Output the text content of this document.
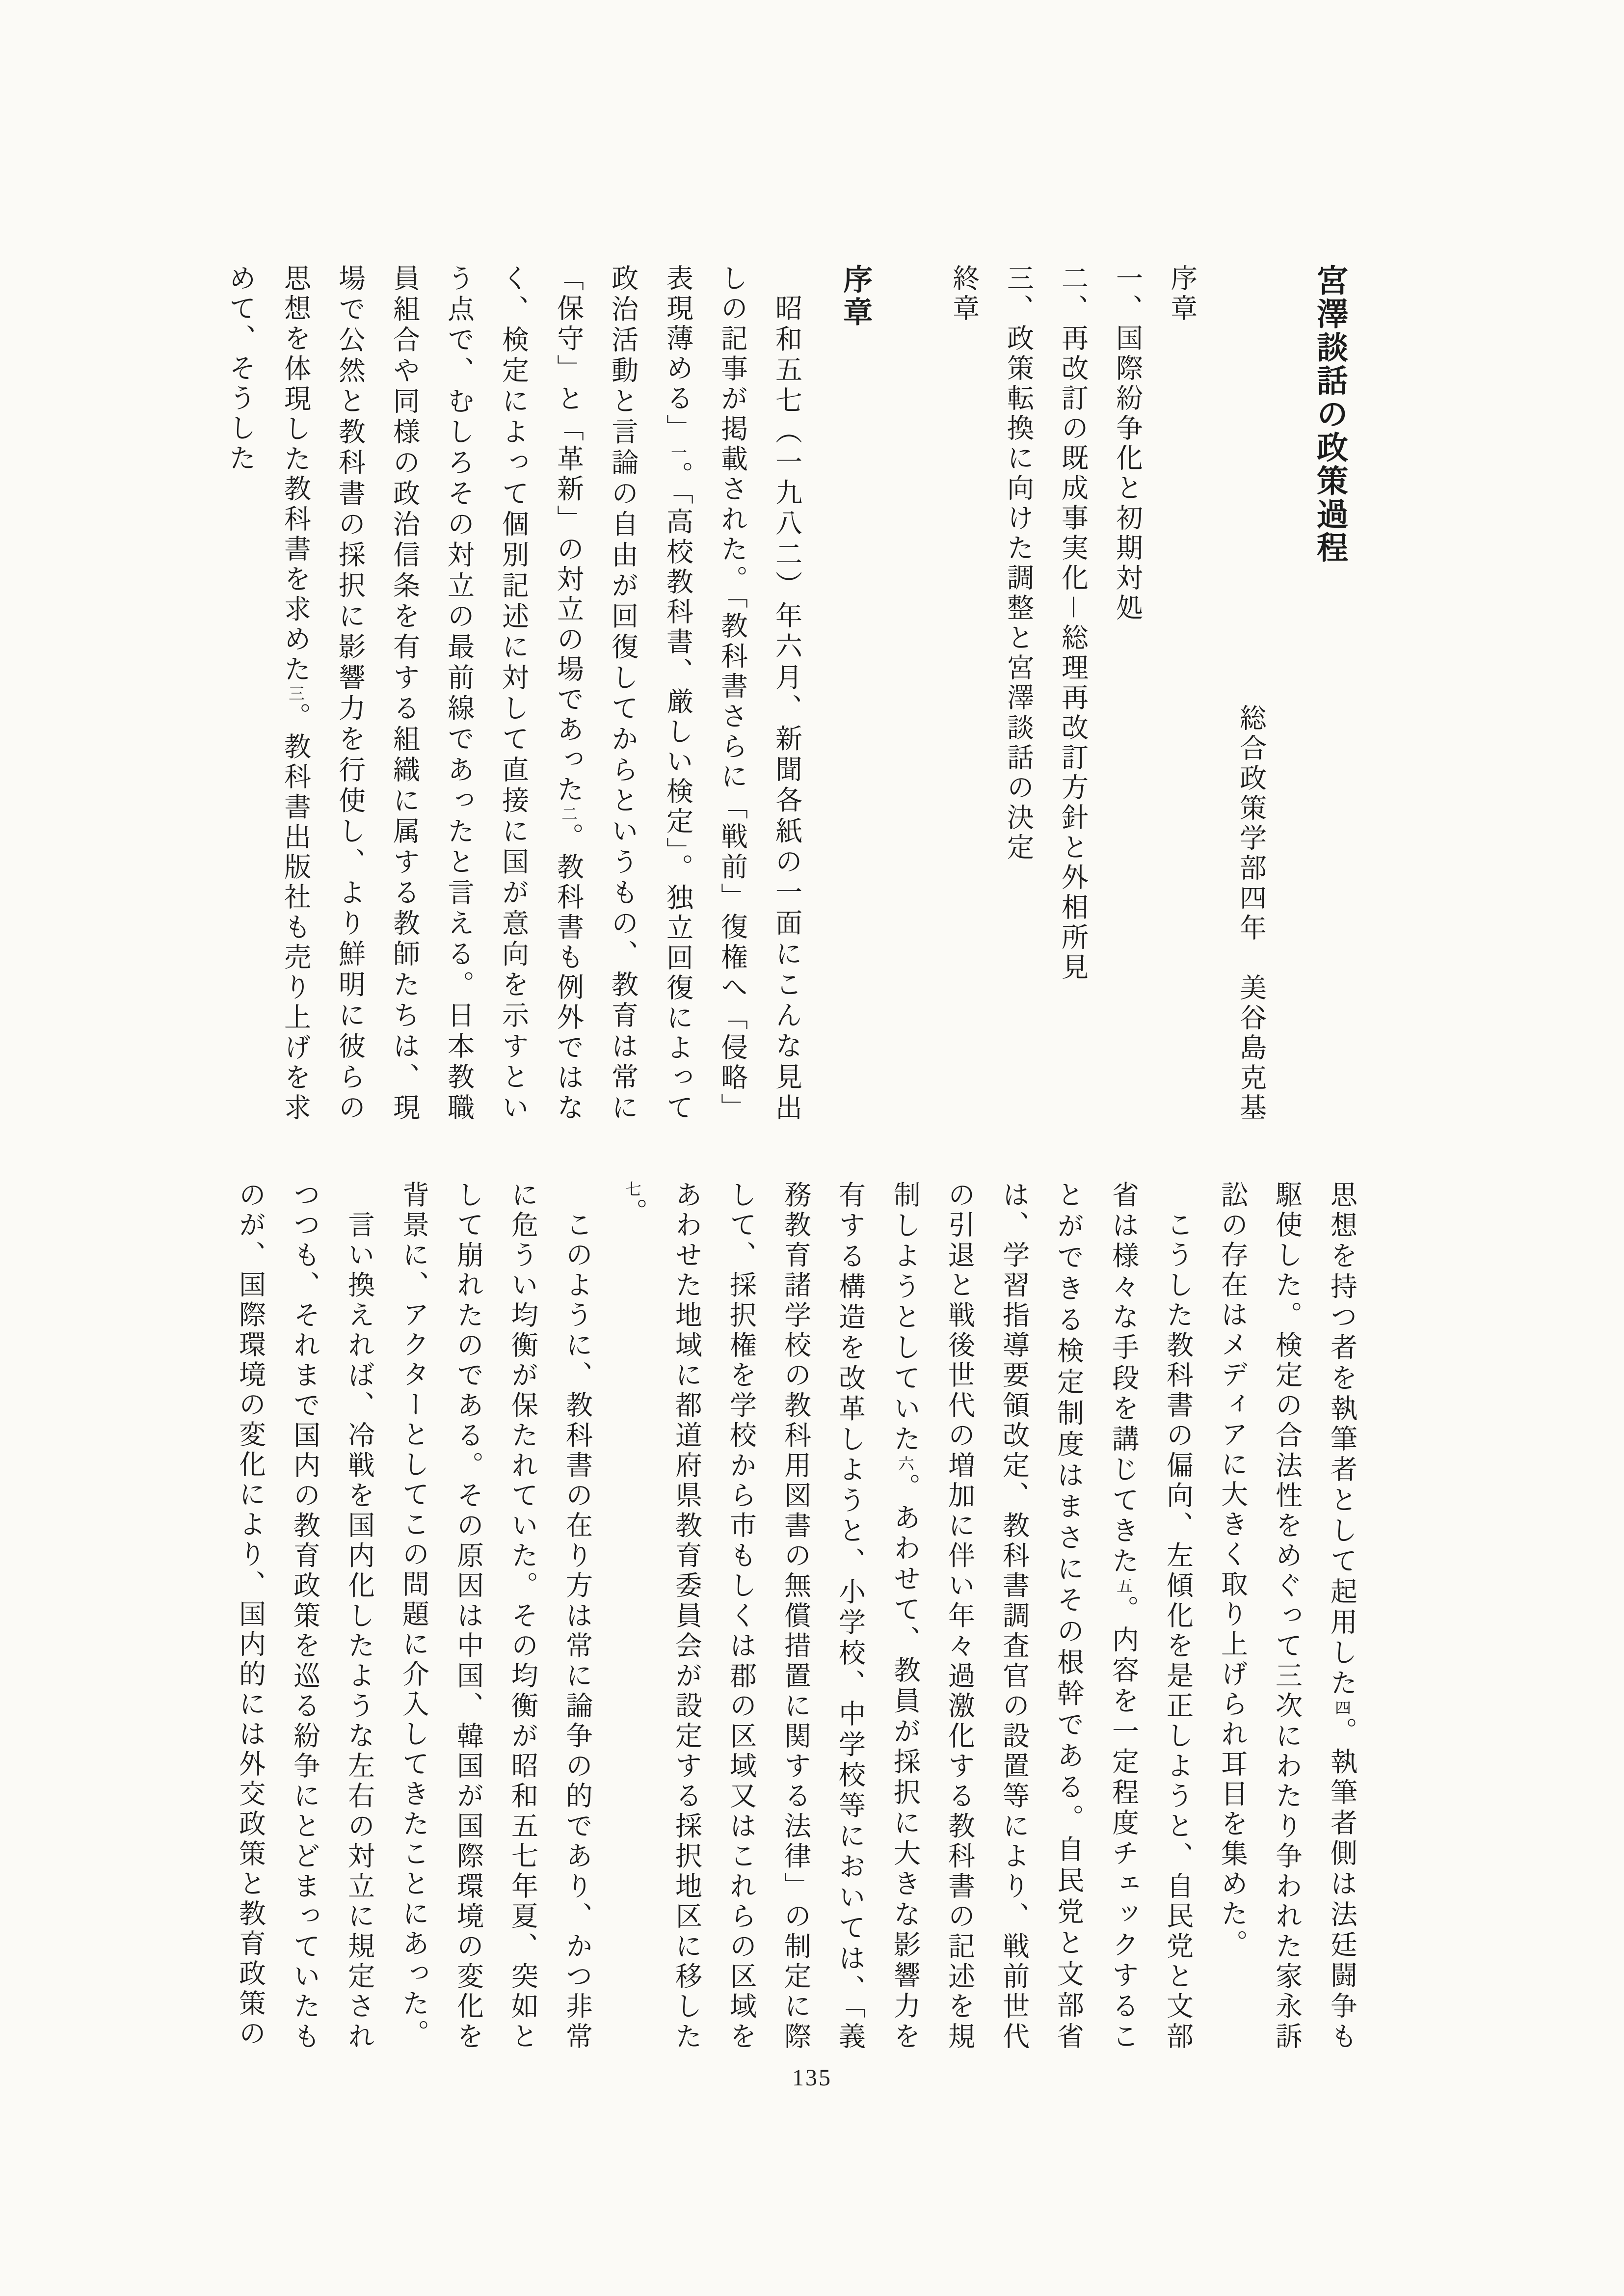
宮澤談話の政策過程

総合政策学部四年　美谷島克基

序章

一、国際紛争化と初期対処

二、再改訂の既成事実化－総理再改訂方針と外相所見

三、政策転換に向けた調整と宮澤談話の決定

終章

序章

昭和五七（一九八二）年六月、新聞各紙の一面にこんな見出しの記事が掲載された。「教科書さらに「戦前」復権へ「侵略」表現薄める」一。「高校教科書、厳しい検定」。独立回復によって政治活動と言論の自由が回復してからというもの、教育は常に「保守」と「革新」の対立の場であった二。教科書も例外ではなく、検定によって個別記述に対して直接に国が意向を示すという点で、むしろその対立の最前線であったと言える。日本教職員組合や同様の政治信条を有する組織に属する教師たちは、現場で公然と教科書の採択に影響力を行使し、より鮮明に彼らの思想を体現した教科書を求めた三。教科書出版社も売り上げを求めて、そうした

思想を持つ者を執筆者として起用した四。執筆者側は法廷闘争も駆使した。検定の合法性をめぐって三次にわたり争われた家永訴訟の存在はメディアに大きく取り上げられ耳目を集めた。

こうした教科書の偏向、左傾化を是正しようと、自民党と文部省は様々な手段を講じてきた五。内容を一定程度チェックすることができる検定制度はまさにその根幹である。自民党と文部省は、学習指導要領改定、教科書調査官の設置等により、戦前世代の引退と戦後世代の増加に伴い年々過激化する教科書の記述を規制しようとしていた六。あわせて、教員が採択に大きな影響力を有する構造を改革しようと、小学校、中学校等においては、「義務教育諸学校の教科用図書の無償措置に関する法律」の制定に際して、採択権を学校から市もしくは郡の区域又はこれらの区域をあわせた地域に都道府県教育委員会が設定する採択地区に移した七。

このように、教科書の在り方は常に論争の的であり、かつ非常に危うい均衡が保たれていた。その均衡が昭和五七年夏、突如として崩れたのである。その原因は中国、韓国が国際環境の変化を背景に、アクターとしてこの問題に介入してきたことにあった。

言い換えれば、冷戦を国内化したような左右の対立に規定されつつも、それまで国内の教育政策を巡る紛争にとどまっていたものが、国際環境の変化により、国内的には外交政策と教育政策の

135
